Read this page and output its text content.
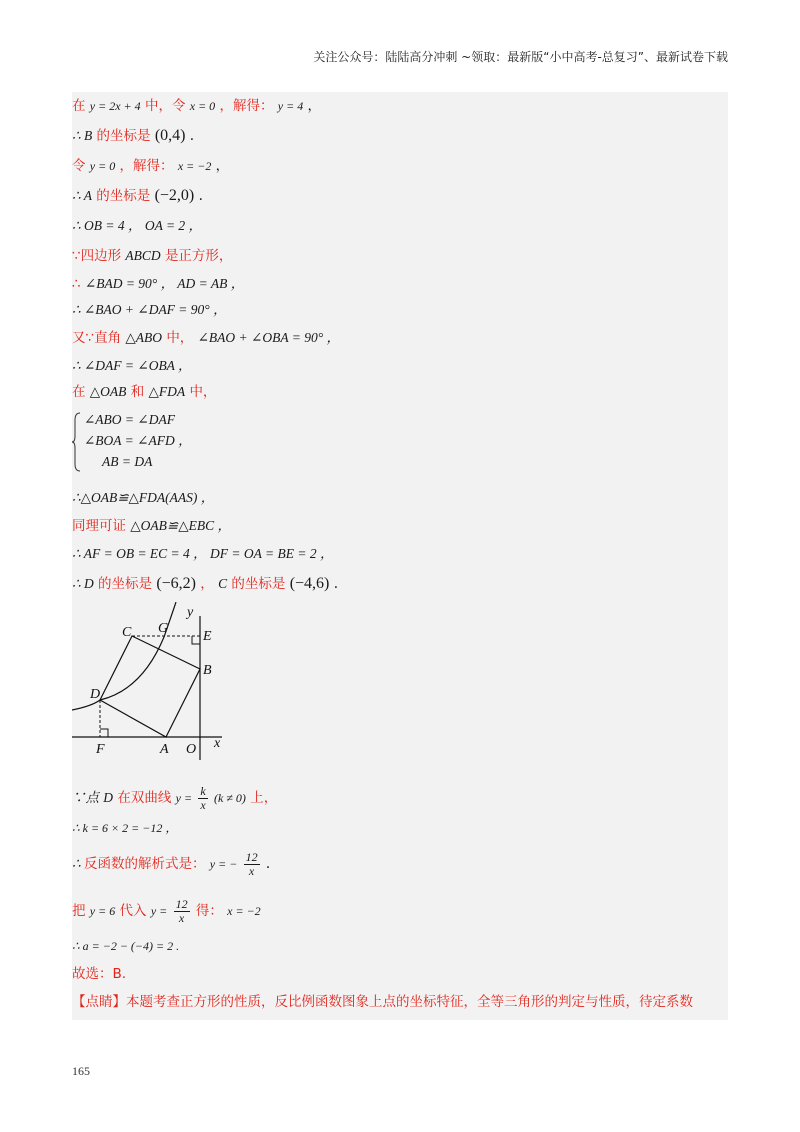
关注公众号：陆陆高分冲刺 ~领取：最新版“小中高考-总复习”、最新试卷下载
在 y = 2x + 4 中，令 x = 0 ，解得： y = 4 ，
∴ B 的坐标是 (0,4) .
令 y = 0 ，解得： x = −2 ，
∴ A 的坐标是 (−2,0) .
∴ OB = 4 ， OA = 2 ，
∵四边形 ABCD 是正方形，
∴ ∠BAD = 90° ， AD = AB ，
∴ ∠BAO + ∠DAF = 90° ，
又∵直角 △ABO 中， ∠BAO + ∠OBA = 90° ，
∴ ∠DAF = ∠OBA ，
在 △OAB 和 △FDA 中，
∠ABO = ∠DAF
∠BOA = ∠AFD ，
AB = DA
∴△OAB≌△FDA(AAS) ，
同理可证 △OAB≌△EBC ，
∴ AF = OB = EC = 4 ， DF = OA = BE = 2 ，
∴ D 的坐标是 (−6,2) ， C 的坐标是 (−4,6) .
y
x
C G
E
B
D
F	A O
∵点 D 在双曲线 $y = \frac{k}{x} (k \ne 0)$ 上，
∴ k = 6 × 2 = −12 ，
∴ 反函数的解析式是： y = − $\frac{12}{x}$ .
把 y = 6 代入 $y = \frac{12}{x}$ 得： x = −2
∴ a = −2 − (−4) = 2 .
故选：B.
【点睛】本题考查正方形的性质，反比例函数图象上点的坐标特征，全等三角形的判定与性质，待定系数
165
